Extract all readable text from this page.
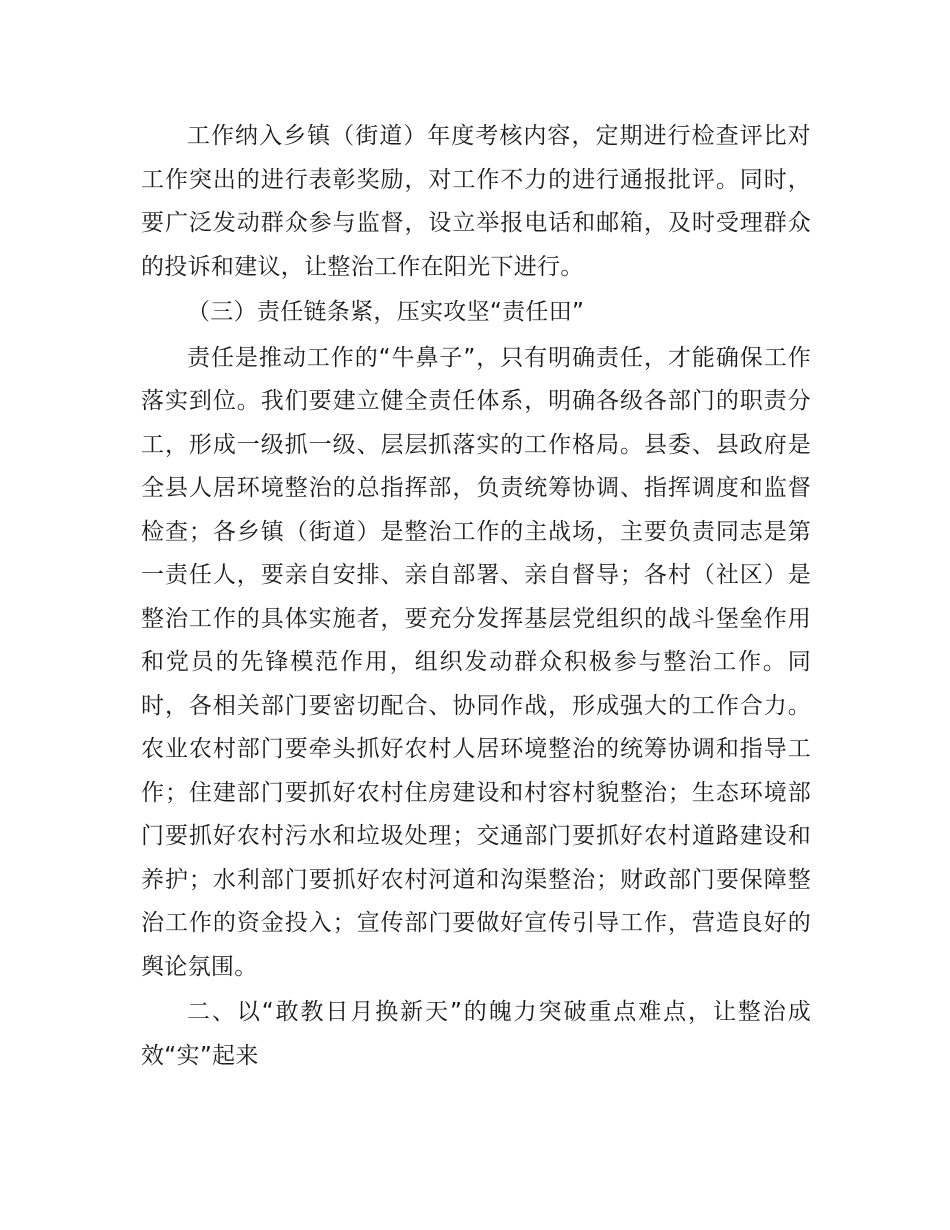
工作纳入乡镇（街道）年度考核内容，定期进行检查评比对工作突出的进行表彰奖励，对工作不力的进行通报批评。同时，要广泛发动群众参与监督，设立举报电话和邮箱，及时受理群众的投诉和建议，让整治工作在阳光下进行。

（三）责任链条紧，压实攻坚“责任田”

责任是推动工作的“牛鼻子”，只有明确责任，才能确保工作落实到位。我们要建立健全责任体系，明确各级各部门的职责分工，形成一级抓一级、层层抓落实的工作格局。县委、县政府是全县人居环境整治的总指挥部，负责统筹协调、指挥调度和监督检查；各乡镇（街道）是整治工作的主战场，主要负责同志是第一责任人，要亲自安排、亲自部署、亲自督导；各村（社区）是整治工作的具体实施者，要充分发挥基层党组织的战斗堡垒作用和党员的先锋模范作用，组织发动群众积极参与整治工作。同时，各相关部门要密切配合、协同作战，形成强大的工作合力。农业农村部门要牵头抓好农村人居环境整治的统筹协调和指导工作；住建部门要抓好农村住房建设和村容村貌整治；生态环境部门要抓好农村污水和垃圾处理；交通部门要抓好农村道路建设和养护；水利部门要抓好农村河道和沟渠整治；财政部门要保障整治工作的资金投入；宣传部门要做好宣传引导工作，营造良好的舆论氛围。

二、以“敢教日月换新天”的魄力突破重点难点，让整治成效“实”起来
